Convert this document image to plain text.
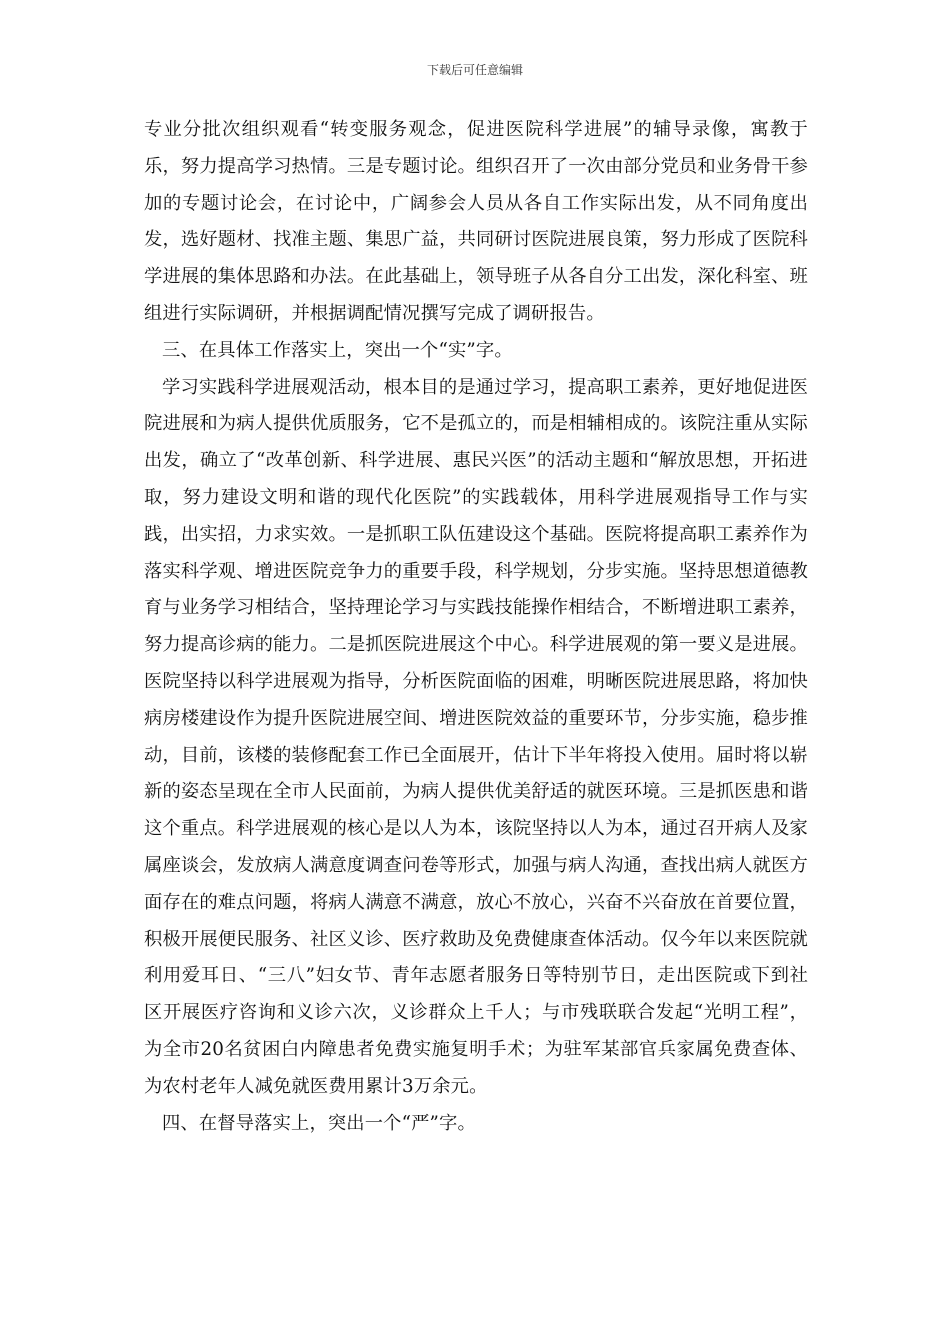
下载后可任意编辑

专业分批次组织观看“转变服务观念，促进医院科学进展”的辅导录像，寓教于乐，努力提高学习热情。三是专题讨论。组织召开了一次由部分党员和业务骨干参加的专题讨论会，在讨论中，广阔参会人员从各自工作实际出发，从不同角度出发，选好题材、找准主题、集思广益，共同研讨医院进展良策，努力形成了医院科学进展的集体思路和办法。在此基础上，领导班子从各自分工出发，深化科室、班组进行实际调研，并根据调配情况撰写完成了调研报告。

三、在具体工作落实上，突出一个“实”字。

学习实践科学进展观活动，根本目的是通过学习，提高职工素养，更好地促进医院进展和为病人提供优质服务，它不是孤立的，而是相辅相成的。该院注重从实际出发，确立了“改革创新、科学进展、惠民兴医”的活动主题和“解放思想，开拓进取，努力建设文明和谐的现代化医院”的实践载体，用科学进展观指导工作与实践，出实招，力求实效。一是抓职工队伍建设这个基础。医院将提高职工素养作为落实科学观、增进医院竞争力的重要手段，科学规划，分步实施。坚持思想道德教育与业务学习相结合，坚持理论学习与实践技能操作相结合，不断增进职工素养，努力提高诊病的能力。二是抓医院进展这个中心。科学进展观的第一要义是进展。医院坚持以科学进展观为指导，分析医院面临的困难，明晰医院进展思路，将加快病房楼建设作为提升医院进展空间、增进医院效益的重要环节，分步实施，稳步推动，目前，该楼的装修配套工作已全面展开，估计下半年将投入使用。届时将以崭新的姿态呈现在全市人民面前，为病人提供优美舒适的就医环境。三是抓医患和谐这个重点。科学进展观的核心是以人为本，该院坚持以人为本，通过召开病人及家属座谈会，发放病人满意度调查问卷等形式，加强与病人沟通，查找出病人就医方面存在的难点问题，将病人满意不满意，放心不放心，兴奋不兴奋放在首要位置，积极开展便民服务、社区义诊、医疗救助及免费健康查体活动。仅今年以来医院就利用爱耳日、“三八”妇女节、青年志愿者服务日等特别节日，走出医院或下到社区开展医疗咨询和义诊六次，义诊群众上千人；与市残联联合发起“光明工程”，为全市20名贫困白内障患者免费实施复明手术；为驻军某部官兵家属免费查体、为农村老年人减免就医费用累计3万余元。

四、在督导落实上，突出一个“严”字。
